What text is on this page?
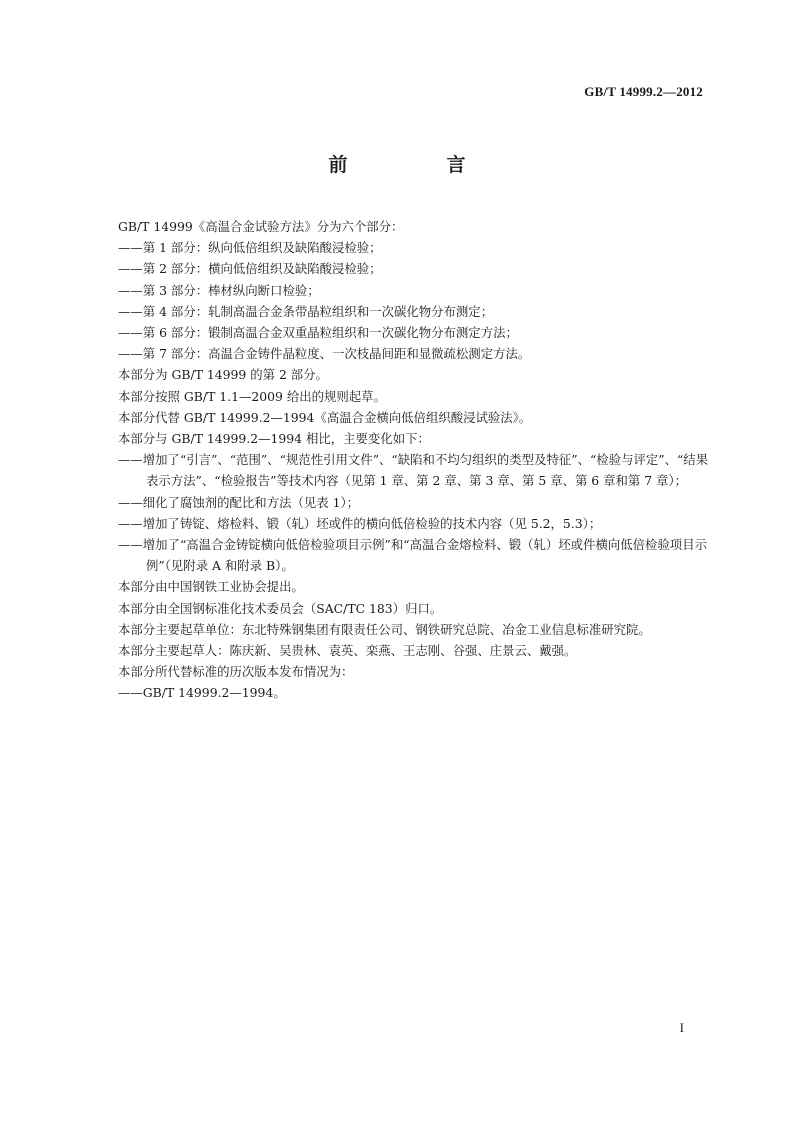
GB/T 14999.2—2012
前　言
GB/T 14999《高温合金试验方法》分为六个部分：
——第 1 部分：纵向低倍组织及缺陷酸浸检验；
——第 2 部分：横向低倍组织及缺陷酸浸检验；
——第 3 部分：棒材纵向断口检验；
——第 4 部分：轧制高温合金条带晶粒组织和一次碳化物分布测定；
——第 6 部分：锻制高温合金双重晶粒组织和一次碳化物分布测定方法；
——第 7 部分：高温合金铸件晶粒度、一次枝晶间距和显微疏松测定方法。
本部分为 GB/T 14999 的第 2 部分。
本部分按照 GB/T 1.1—2009 给出的规则起草。
本部分代替 GB/T 14999.2—1994《高温合金横向低倍组织酸浸试验法》。
本部分与 GB/T 14999.2—1994 相比，主要变化如下：
——增加了“引言”、“范围”、“规范性引用文件”、“缺陷和不均匀组织的类型及特征”、“检验与评定”、“结果表示方法”、“检验报告”等技术内容（见第 1 章、第 2 章、第 3 章、第 5 章、第 6 章和第 7 章）；
——细化了腐蚀剂的配比和方法（见表 1）；
——增加了铸锭、熔检料、锻（轧）坯或件的横向低倍检验的技术内容（见 5.2，5.3）；
——增加了“高温合金铸锭横向低倍检验项目示例”和“高温合金熔检料、锻（轧）坯或件横向低倍检验项目示例”（见附录 A 和附录 B）。
本部分由中国钢铁工业协会提出。
本部分由全国钢标准化技术委员会（SAC/TC 183）归口。
本部分主要起草单位：东北特殊钢集团有限责任公司、钢铁研究总院、冶金工业信息标准研究院。
本部分主要起草人：陈庆新、吴贵林、袁英、栾燕、王志刚、谷强、庄景云、戴强。
本部分所代替标准的历次版本发布情况为：
——GB/T 14999.2—1994。
I
